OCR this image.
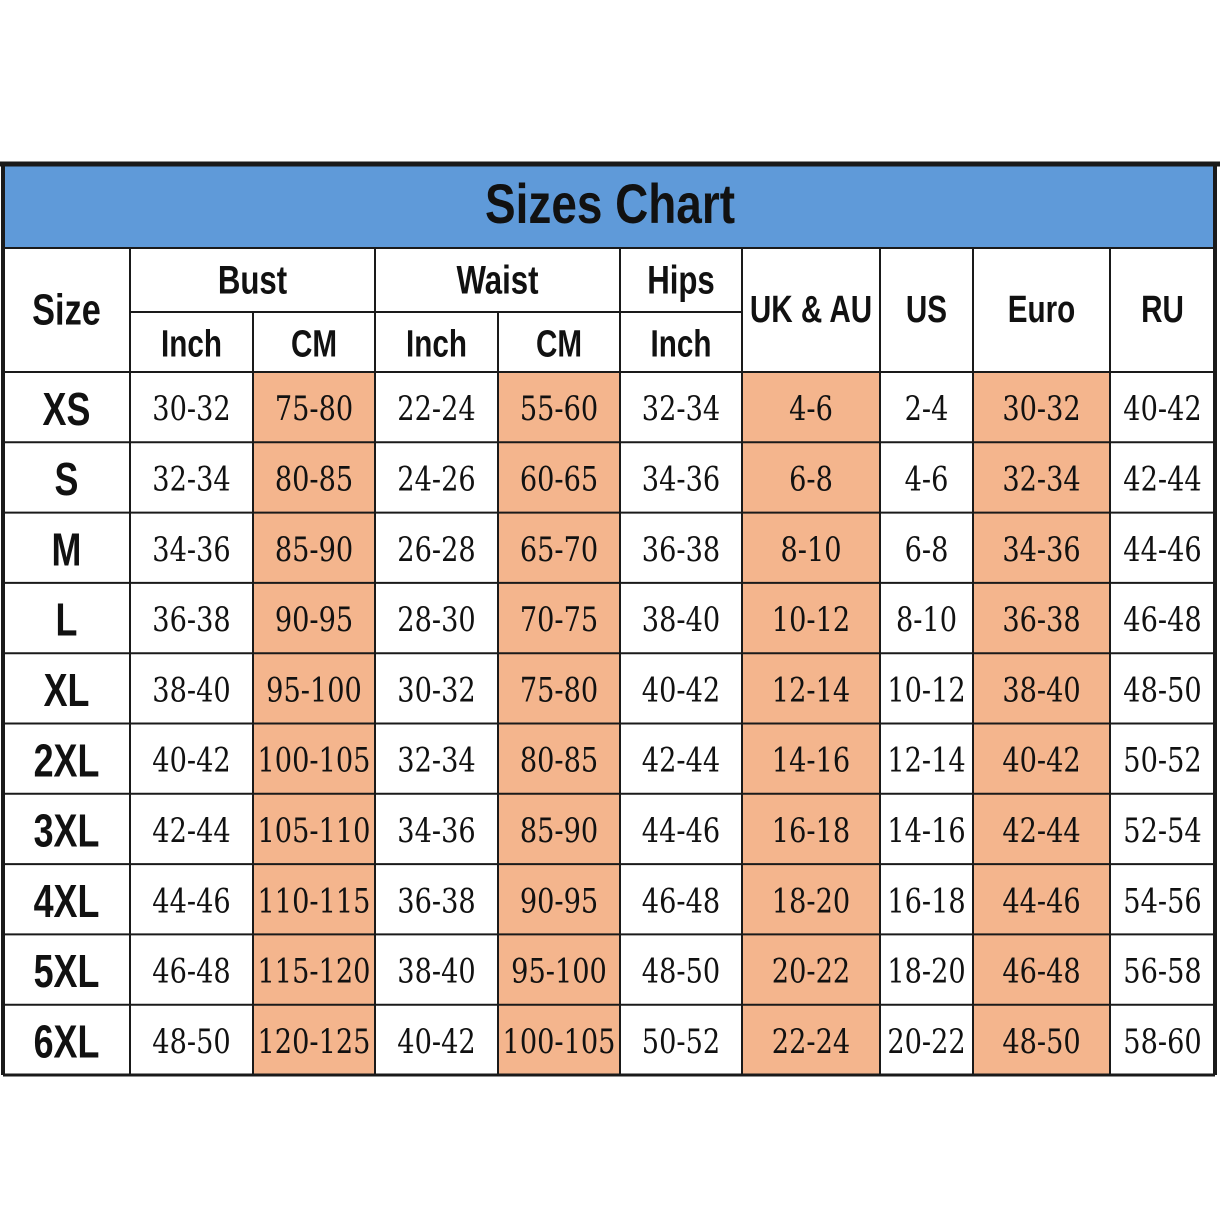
Sizes Chart
Size
Bust
Inch CM
Waist
Inch CM
Hips
Inch
UK & AU US Euro RU
XS 30-32 75-80 22-24 55-60 32-34 4-6 2-4 30-32 40-42
S 32-34 80-85 24-26 60-65 34-36 6-8 4-6 32-34 42-44
M 34-36 85-90 26-28 65-70 36-38 8-10 6-8 34-36 44-46
L 36-38 90-95 28-30 70-75 38-40 10-12 8-10 36-38 46-48
XL 38-40 95-100 30-32 75-80 40-42 12-14 10-12 38-40 48-50
2XL 40-42 100-105 32-34 80-85 42-44 14-16 12-14 40-42 50-52
3XL 42-44 105-110 34-36 85-90 44-46 16-18 14-16 42-44 52-54
4XL 44-46 110-115 36-38 90-95 46-48 18-20 16-18 44-46 54-56
5XL 46-48 115-120 38-40 95-100 48-50 20-22 18-20 46-48 56-58
6XL 48-50 120-125 40-42 100-105 50-52 22-24 20-22 48-50 58-60
